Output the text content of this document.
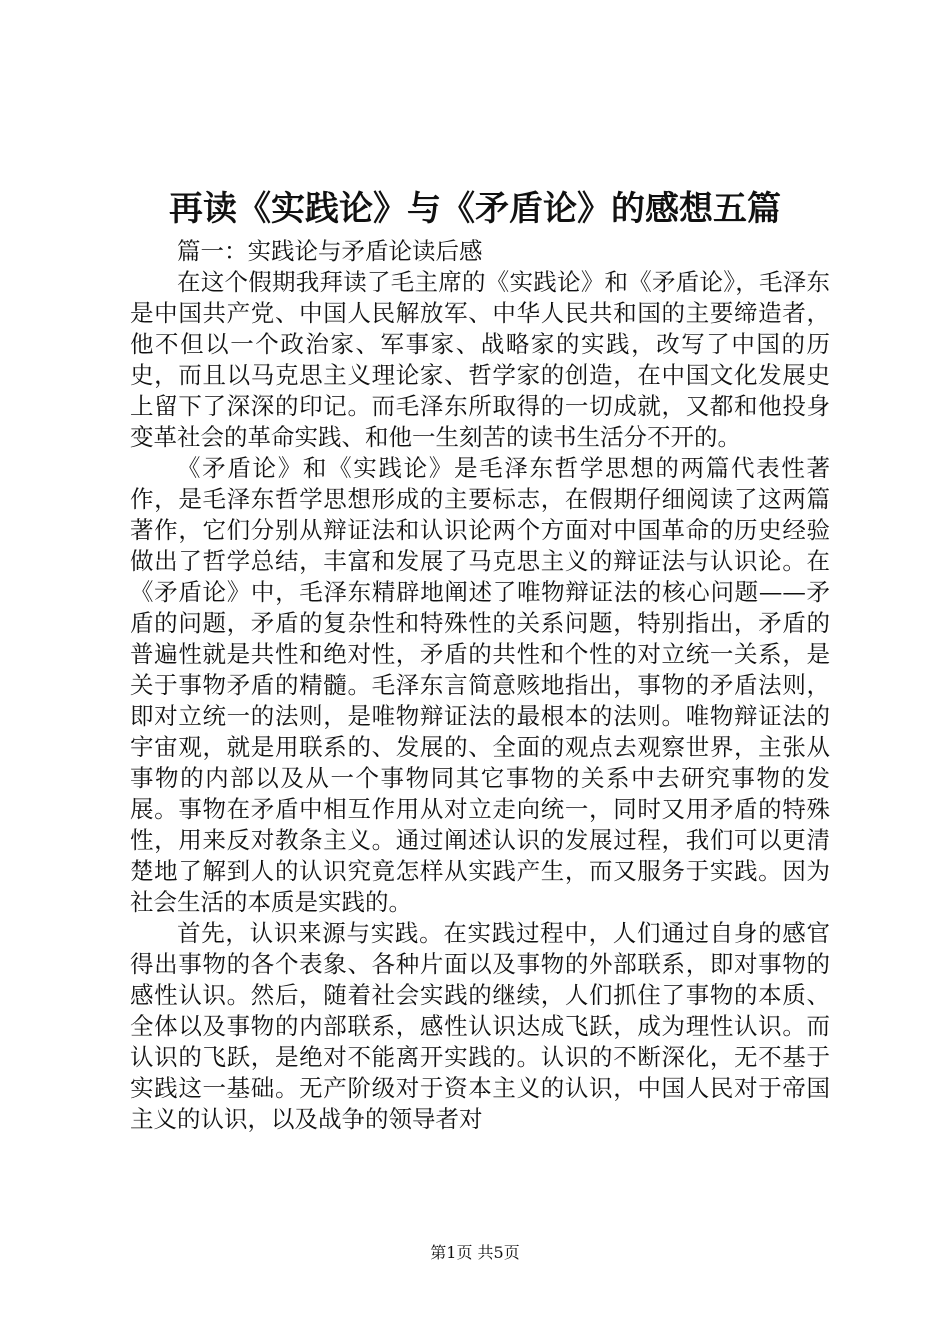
再读《实践论》与《矛盾论》的感想五篇

篇一：实践论与矛盾论读后感

在这个假期我拜读了毛主席的《实践论》和《矛盾论》，毛泽东是中国共产党、中国人民解放军、中华人民共和国的主要缔造者，他不但以一个政治家、军事家、战略家的实践，改写了中国的历史，而且以马克思主义理论家、哲学家的创造，在中国文化发展史上留下了深深的印记。而毛泽东所取得的一切成就，又都和他投身变革社会的革命实践、和他一生刻苦的读书生活分不开的。

《矛盾论》和《实践论》是毛泽东哲学思想的两篇代表性著作，是毛泽东哲学思想形成的主要标志，在假期仔细阅读了这两篇著作，它们分别从辩证法和认识论两个方面对中国革命的历史经验做出了哲学总结，丰富和发展了马克思主义的辩证法与认识论。在《矛盾论》中，毛泽东精辟地阐述了唯物辩证法的核心问题——矛盾的问题，矛盾的复杂性和特殊性的关系问题，特别指出，矛盾的普遍性就是共性和绝对性，矛盾的共性和个性的对立统一关系，是关于事物矛盾的精髓。毛泽东言简意赅地指出，事物的矛盾法则，即对立统一的法则，是唯物辩证法的最根本的法则。唯物辩证法的宇宙观，就是用联系的、发展的、全面的观点去观察世界，主张从事物的内部以及从一个事物同其它事物的关系中去研究事物的发展。事物在矛盾中相互作用从对立走向统一，同时又用矛盾的特殊性，用来反对教条主义。通过阐述认识的发展过程，我们可以更清楚地了解到人的认识究竟怎样从实践产生，而又服务于实践。因为社会生活的本质是实践的。

首先，认识来源与实践。在实践过程中，人们通过自身的感官得出事物的各个表象、各种片面以及事物的外部联系，即对事物的感性认识。然后，随着社会实践的继续，人们抓住了事物的本质、全体以及事物的内部联系，感性认识达成飞跃，成为理性认识。而认识的飞跃，是绝对不能离开实践的。认识的不断深化，无不基于实践这一基础。无产阶级对于资本主义的认识，中国人民对于帝国主义的认识，以及战争的领导者对

第1页 共5页
